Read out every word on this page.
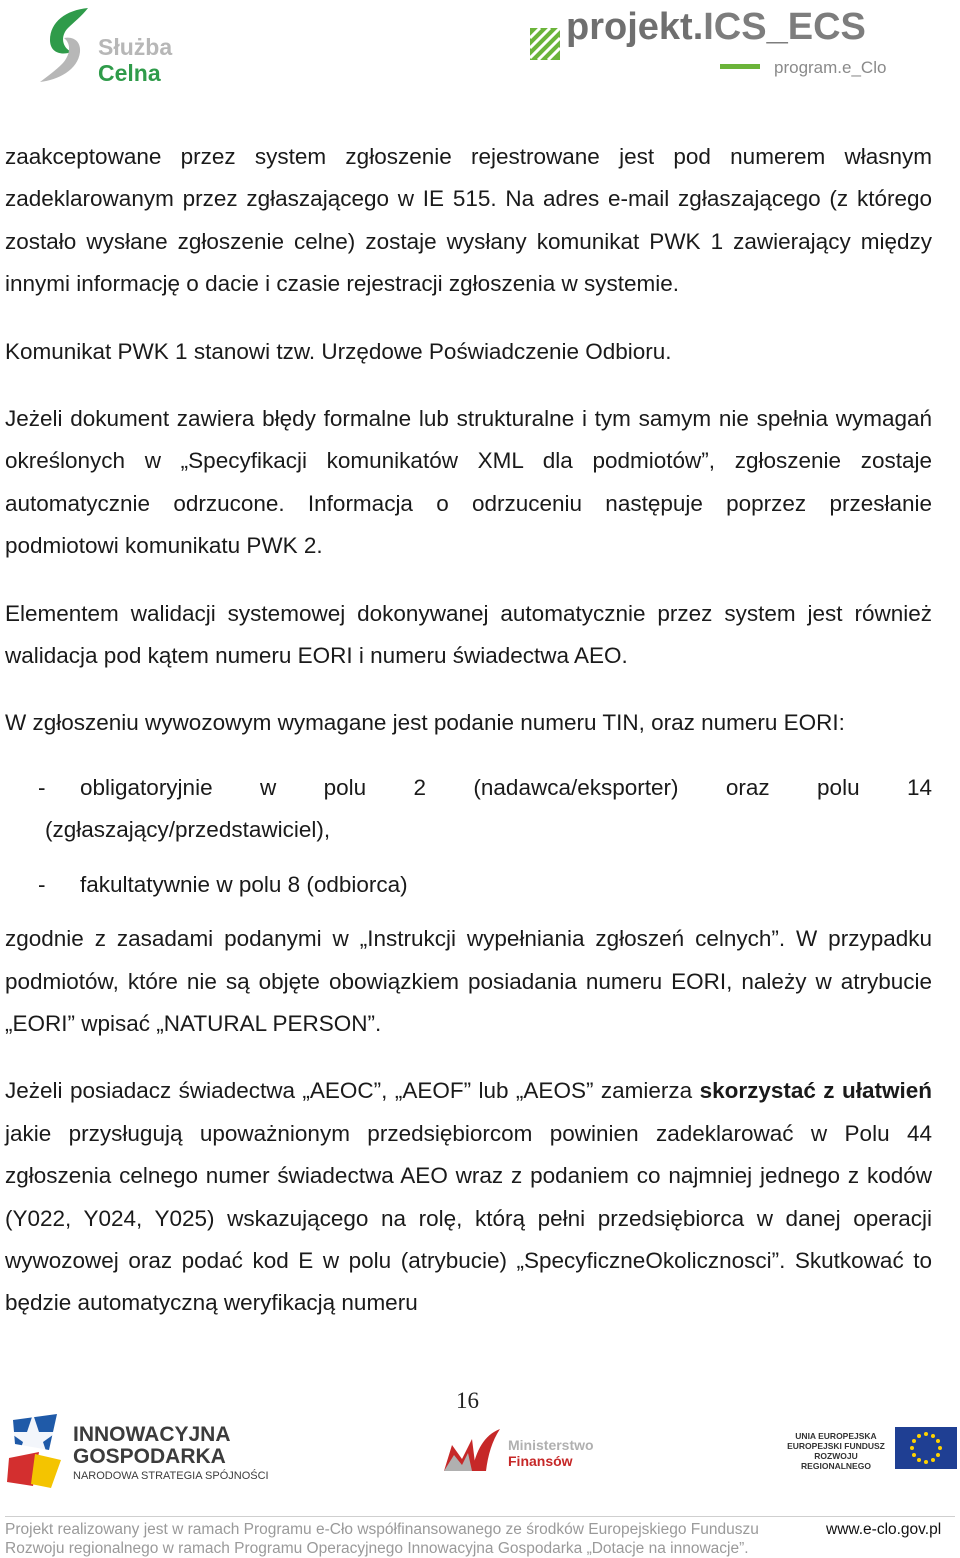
Służba
Celna
projekt.ICS_ECS
program.e_Clo

zaakceptowane przez system zgłoszenie rejestrowane jest pod numerem własnym zadeklarowanym przez zgłaszającego w IE 515. Na adres e-mail zgłaszającego (z którego zostało wysłane zgłoszenie celne) zostaje wysłany komunikat PWK 1 zawierający między innymi informację o dacie i czasie rejestracji zgłoszenia w systemie.

Komunikat PWK 1 stanowi tzw. Urzędowe Poświadczenie Odbioru.

Jeżeli dokument zawiera błędy formalne lub strukturalne i tym samym nie spełnia wymagań określonych w „Specyfikacji komunikatów XML dla podmiotów”, zgłoszenie zostaje automatycznie odrzucone. Informacja o odrzuceniu następuje poprzez przesłanie podmiotowi komunikatu PWK 2.

Elementem walidacji systemowej dokonywanej automatycznie przez system jest również walidacja pod kątem numeru EORI i numeru świadectwa AEO.

W zgłoszeniu wywozowym wymagane jest podanie numeru TIN, oraz numeru EORI:

-	obligatoryjnie w polu 2 (nadawca/eksporter) oraz polu 14 (zgłaszający/przedstawiciel),
-	fakultatywnie w polu 8 (odbiorca)

zgodnie z zasadami podanymi w „Instrukcji wypełniania zgłoszeń celnych”. W przypadku podmiotów, które nie są objęte obowiązkiem posiadania numeru EORI, należy w atrybucie „EORI” wpisać „NATURAL PERSON”.

Jeżeli posiadacz świadectwa „AEOC”, „AEOF” lub „AEOS” zamierza skorzystać z ułatwień jakie przysługują upoważnionym przedsiębiorcom powinien zadeklarować w Polu 44 zgłoszenia celnego numer świadectwa AEO wraz z podaniem co najmniej jednego z kodów (Y022, Y024, Y025) wskazującego na rolę, którą pełni przedsiębiorca w danej operacji wywozowej oraz podać kod E w polu (atrybucie) „SpecyficzneOkolicznosci”. Skutkować to będzie automatyczną weryfikacją numeru

16
INNOWACYJNA
GOSPODARKA
NARODOWA STRATEGIA SPÓJNOŚCI
Ministerstwo
Finansów
UNIA EUROPEJSKA
EUROPEJSKI FUNDUSZ
ROZWOJU REGIONALNEGO
Projekt realizowany jest w ramach Programu e-Cło współfinansowanego ze środków Europejskiego Funduszu Rozwoju regionalnego w ramach Programu Operacyjnego Innowacyjna Gospodarka „Dotacje na innowacje”.
www.e-clo.gov.pl
